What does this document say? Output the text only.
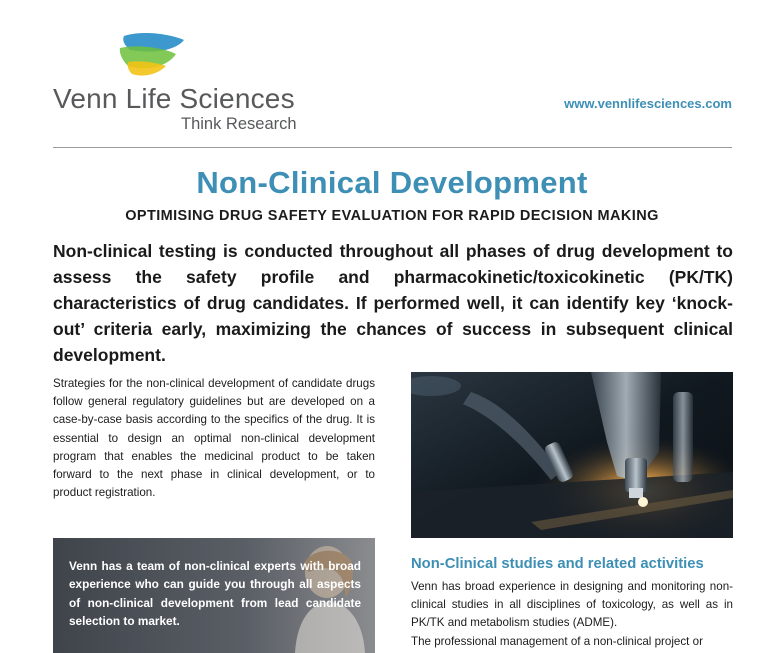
Venn Life Sciences
Think Research
www.vennlifesciences.com
Non-Clinical Development
OPTIMISING DRUG SAFETY EVALUATION FOR RAPID DECISION MAKING

Non-clinical testing is conducted throughout all phases of drug development to assess the safety profile and pharmacokinetic/toxicokinetic (PK/TK) characteristics of drug candidates. If performed well, it can identify key ‘knock-out’ criteria early, maximizing the chances of success in subsequent clinical development.

Strategies for the non-clinical development of candidate drugs follow general regulatory guidelines but are developed on a case-by-case basis according to the specifics of the drug. It is essential to design an optimal non-clinical development program that enables the medicinal product to be taken forward to the next phase in clinical development, or to product registration.

Venn has a team of non-clinical experts with broad experience who can guide you through all aspects of non-clinical development from lead candidate selection to market.

Non-Clinical studies and related activities

Venn has broad experience in designing and monitoring non-clinical studies in all disciplines of toxicology, as well as in PK/TK and metabolism studies (ADME).

The professional management of a non-clinical project or
